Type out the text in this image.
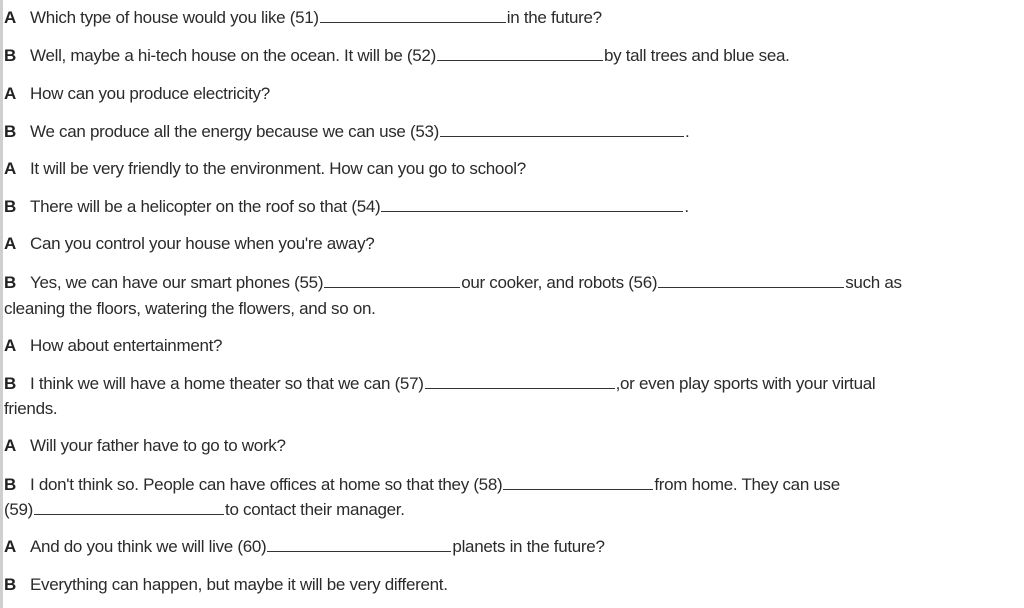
A Which type of house would you like (51)	in the future?
B Well, maybe a hi-tech house on the ocean. It will be (52)	by tall trees and blue sea.
A How can you produce electricity?
B We can produce all the energy because we can use (53)	.
A It will be very friendly to the environment. How can you go to school?
B There will be a helicopter on the roof so that (54)	.
A Can you control your house when you're away?
B Yes, we can have our smart phones (55)	our cooker, and robots (56)	such as
cleaning the floors, watering the flowers, and so on.
A How about entertainment?
B I think we will have a home theater so that we can (57)	,or even play sports with your virtual
friends.
A Will your father have to go to work?
B I don't think so. People can have offices at home so that they (58)	from home. They can use
(59)	to contact their manager.
A And do you think we will live (60)	planets in the future?
B Everything can happen, but maybe it will be very different.
